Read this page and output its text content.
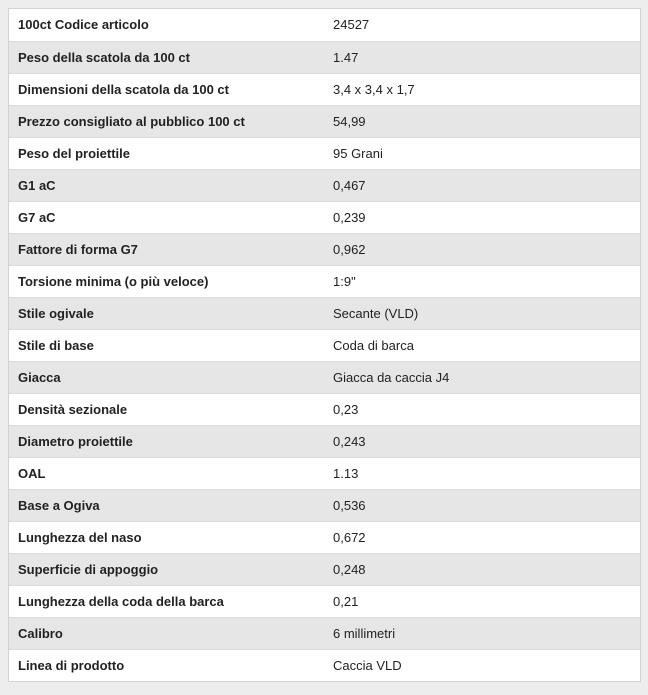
100ct Codice articolo	24527
Peso della scatola da 100 ct	1.47
Dimensioni della scatola da 100 ct	3,4 x 3,4 x 1,7
Prezzo consigliato al pubblico 100 ct	54,99
Peso del proiettile	95 Grani
G1 aC	0,467
G7 aC	0,239
Fattore di forma G7	0,962
Torsione minima (o più veloce)	1:9"
Stile ogivale	Secante (VLD)
Stile di base	Coda di barca
Giacca	Giacca da caccia J4
Densità sezionale	0,23
Diametro proiettile	0,243
OAL	1.13
Base a Ogiva	0,536
Lunghezza del naso	0,672
Superficie di appoggio	0,248
Lunghezza della coda della barca	0,21
Calibro	6 millimetri
Linea di prodotto	Caccia VLD
